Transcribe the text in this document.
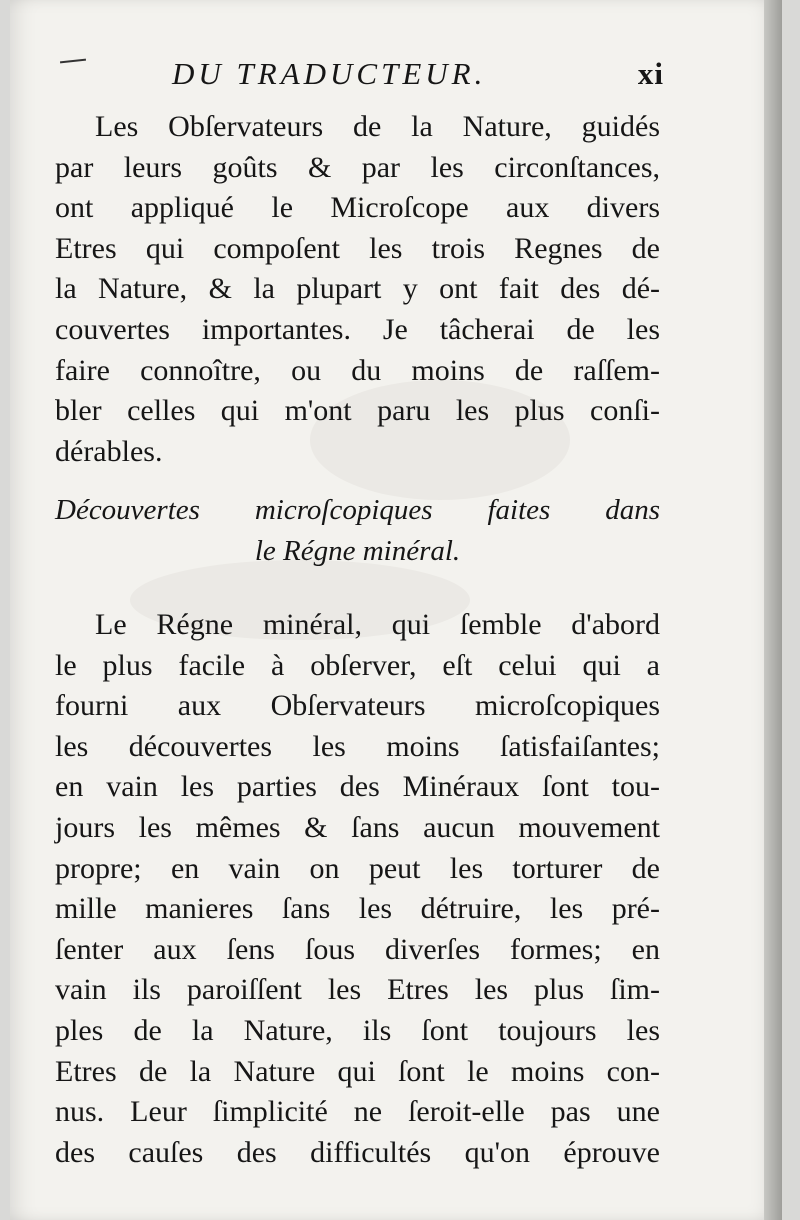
DU TRADUCTEUR.	xi
Les Obſervateurs de la Nature, guidés
par leurs goûts & par les circonſtances,
ont appliqué le Microſcope aux divers
Etres qui compoſent les trois Regnes de
la Nature, & la plupart y ont fait des dé-
couvertes importantes. Je tâcherai de les
faire connoître, ou du moins de raſſem-
bler celles qui m'ont paru les plus conſi-
dérables.
Découvertes microſcopiques faites dans
le Régne minéral.
Le Régne minéral, qui ſemble d'abord
le plus facile à obſerver, eſt celui qui a
fourni aux Obſervateurs microſcopiques
les découvertes les moins ſatisfaiſantes;
en vain les parties des Minéraux ſont tou-
jours les mêmes & ſans aucun mouvement
propre; en vain on peut les torturer de
mille manieres ſans les détruire, les pré-
ſenter aux ſens ſous diverſes formes; en
vain ils paroiſſent les Etres les plus ſim-
ples de la Nature, ils ſont toujours les
Etres de la Nature qui ſont le moins con-
nus. Leur ſimplicité ne ſeroit-elle pas une
des cauſes des difficultés qu'on éprouve
